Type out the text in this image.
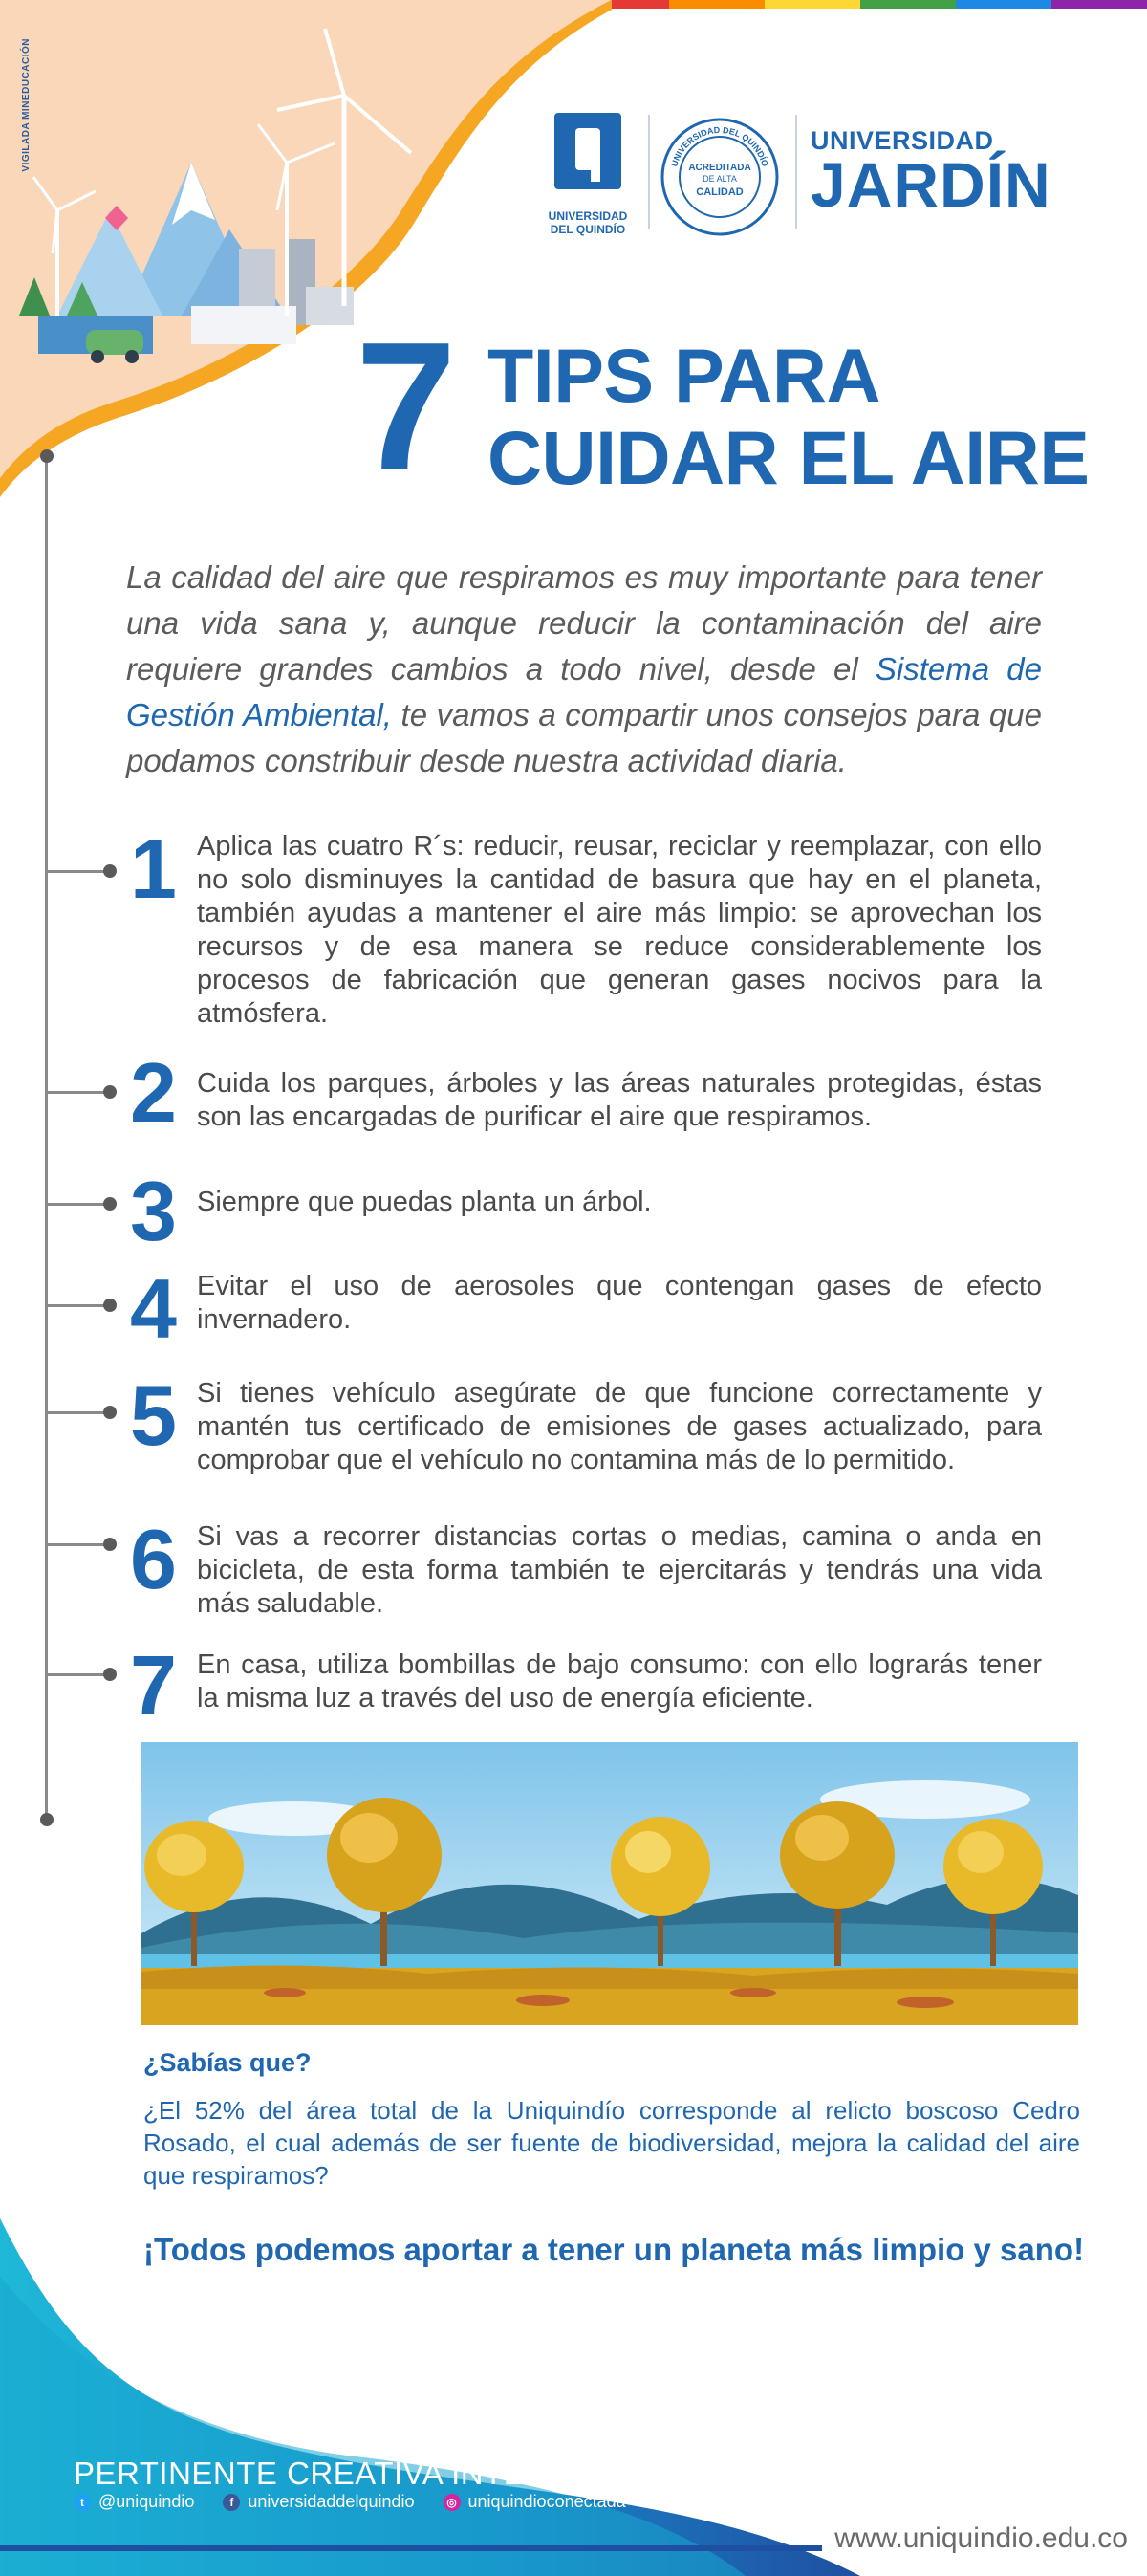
VIGILADA MINEDUCACIÓN
UNIVERSIDAD
DEL QUINDÍO
UNIVERSIDAD DEL QUINDÍO
ACREDITADA
DE ALTA
CALIDAD
UNIVERSIDAD
JARDÍN
7 TIPS PARA
CUIDAR EL AIRE

La calidad del aire que respiramos es muy importante para tener una vida sana y, aunque reducir la contaminación del aire requiere grandes cambios a todo nivel, desde el Sistema de Gestión Ambiental, te vamos a compartir unos consejos para que podamos constribuir desde nuestra actividad diaria.

1 Aplica las cuatro R´s: reducir, reusar, reciclar y reemplazar, con ello no solo disminuyes la cantidad de basura que hay en el planeta, también ayudas a mantener el aire más limpio: se aprovechan los recursos y de esa manera se reduce considerablemente los procesos de fabricación que generan gases nocivos para la atmósfera.
2 Cuida los parques, árboles y las áreas naturales protegidas, éstas son las encargadas de purificar el aire que respiramos.
3 Siempre que puedas planta un árbol.
4 Evitar el uso de aerosoles que contengan gases de efecto invernadero.
5 Si tienes vehículo asegúrate de que funcione correctamente y mantén tus certificado de emisiones de gases actualizado, para comprobar que el vehículo no contamina más de lo permitido.
6 Si vas a recorrer distancias cortas o medias, camina o anda en bicicleta, de esta forma también te ejercitarás y tendrás una vida más saludable.
7 En casa, utiliza bombillas de bajo consumo: con ello lograrás tener la misma luz a través del uso de energía eficiente.
¿Sabías que?
¿El 52% del área total de la Uniquindío corresponde al relicto boscoso Cedro Rosado, el cual además de ser fuente de biodiversidad, mejora la calidad del aire que respiramos?
¡Todos podemos aportar a tener un planeta más limpio y sano!
PERTINENTE CREATIVA INTEGRADORA
t @uniquindio	f universidaddelquindio	◎ uniquindioconectada
www.uniquindio.edu.co
